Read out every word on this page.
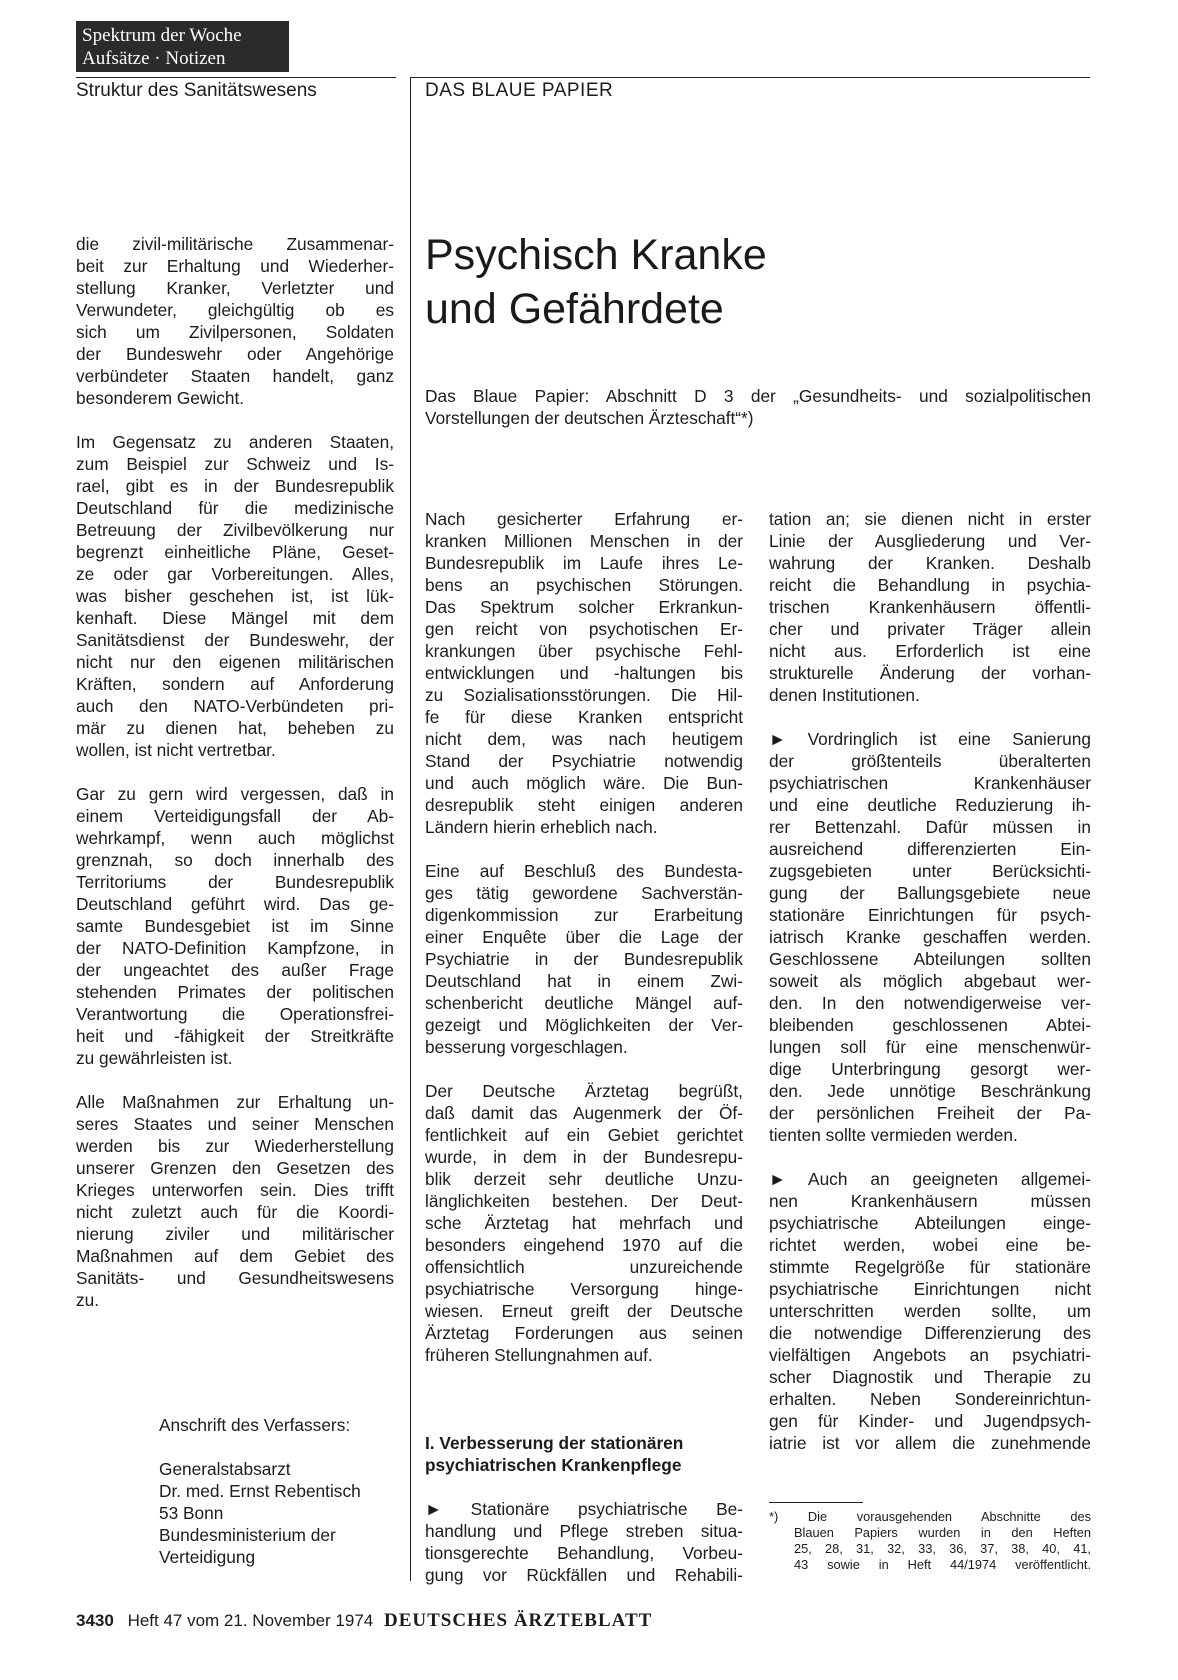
Spektrum der Woche
Aufsätze · Notizen
Struktur des Sanitätswesens	DAS BLAUE PAPIER
die zivil-militärische Zusammenar-
beit zur Erhaltung und Wiederher-
stellung Kranker, Verletzter und
Verwundeter, gleichgültig ob es
sich um Zivilpersonen, Soldaten
der Bundeswehr oder Angehörige
verbündeter Staaten handelt, ganz
besonderem Gewicht.
Im Gegensatz zu anderen Staaten,
zum Beispiel zur Schweiz und Is-
rael, gibt es in der Bundesrepublik
Deutschland für die medizinische
Betreuung der Zivilbevölkerung nur
begrenzt einheitliche Pläne, Geset-
ze oder gar Vorbereitungen. Alles,
was bisher geschehen ist, ist lük-
kenhaft. Diese Mängel mit dem
Sanitätsdienst der Bundeswehr, der
nicht nur den eigenen militärischen
Kräften, sondern auf Anforderung
auch den NATO-Verbündeten pri-
mär zu dienen hat, beheben zu
wollen, ist nicht vertretbar.
Gar zu gern wird vergessen, daß in
einem Verteidigungsfall der Ab-
wehrkampf, wenn auch möglichst
grenznah, so doch innerhalb des
Territoriums der Bundesrepublik
Deutschland geführt wird. Das ge-
samte Bundesgebiet ist im Sinne
der NATO-Definition Kampfzone, in
der ungeachtet des außer Frage
stehenden Primates der politischen
Verantwortung die Operationsfrei-
heit und -fähigkeit der Streitkräfte
zu gewährleisten ist.
Alle Maßnahmen zur Erhaltung un-
seres Staates und seiner Menschen
werden bis zur Wiederherstellung
unserer Grenzen den Gesetzen des
Krieges unterworfen sein. Dies trifft
nicht zuletzt auch für die Koordi-
nierung ziviler und militärischer
Maßnahmen auf dem Gebiet des
Sanitäts- und Gesundheitswesens
zu.
Anschrift des Verfassers:
Generalstabsarzt
Dr. med. Ernst Rebentisch
53 Bonn
Bundesministerium der
Verteidigung
Psychisch Kranke
und Gefährdete
Das Blaue Papier: Abschnitt D 3 der „Gesundheits- und sozialpolitischen
Vorstellungen der deutschen Ärzteschaft“*)
Nach gesicherter Erfahrung er-
kranken Millionen Menschen in der
Bundesrepublik im Laufe ihres Le-
bens an psychischen Störungen.
Das Spektrum solcher Erkrankun-
gen reicht von psychotischen Er-
krankungen über psychische Fehl-
entwicklungen und -haltungen bis
zu Sozialisationsstörungen. Die Hil-
fe für diese Kranken entspricht
nicht dem, was nach heutigem
Stand der Psychiatrie notwendig
und auch möglich wäre. Die Bun-
desrepublik steht einigen anderen
Ländern hierin erheblich nach.
Eine auf Beschluß des Bundesta-
ges tätig gewordene Sachverstän-
digenkommission zur Erarbeitung
einer Enquête über die Lage der
Psychiatrie in der Bundesrepublik
Deutschland hat in einem Zwi-
schenbericht deutliche Mängel auf-
gezeigt und Möglichkeiten der Ver-
besserung vorgeschlagen.
Der Deutsche Ärztetag begrüßt,
daß damit das Augenmerk der Öf-
fentlichkeit auf ein Gebiet gerichtet
wurde, in dem in der Bundesrepu-
blik derzeit sehr deutliche Unzu-
länglichkeiten bestehen. Der Deut-
sche Ärztetag hat mehrfach und
besonders eingehend 1970 auf die
offensichtlich unzureichende
psychiatrische Versorgung hinge-
wiesen. Erneut greift der Deutsche
Ärztetag Forderungen aus seinen
früheren Stellungnahmen auf.
I. Verbesserung der stationären
psychiatrischen Krankenpflege
► Stationäre psychiatrische Be-
handlung und Pflege streben situa-
tionsgerechte Behandlung, Vorbeu-
gung vor Rückfällen und Rehabili-
tation an; sie dienen nicht in erster
Linie der Ausgliederung und Ver-
wahrung der Kranken. Deshalb
reicht die Behandlung in psychia-
trischen Krankenhäusern öffentli-
cher und privater Träger allein
nicht aus. Erforderlich ist eine
strukturelle Änderung der vorhan-
denen Institutionen.
► Vordringlich ist eine Sanierung
der größtenteils überalterten
psychiatrischen Krankenhäuser
und eine deutliche Reduzierung ih-
rer Bettenzahl. Dafür müssen in
ausreichend differenzierten Ein-
zugsgebieten unter Berücksichti-
gung der Ballungsgebiete neue
stationäre Einrichtungen für psych-
iatrisch Kranke geschaffen werden.
Geschlossene Abteilungen sollten
soweit als möglich abgebaut wer-
den. In den notwendigerweise ver-
bleibenden geschlossenen Abtei-
lungen soll für eine menschenwür-
dige Unterbringung gesorgt wer-
den. Jede unnötige Beschränkung
der persönlichen Freiheit der Pa-
tienten sollte vermieden werden.
► Auch an geeigneten allgemei-
nen Krankenhäusern müssen
psychiatrische Abteilungen einge-
richtet werden, wobei eine be-
stimmte Regelgröße für stationäre
psychiatrische Einrichtungen nicht
unterschritten werden sollte, um
die notwendige Differenzierung des
vielfältigen Angebots an psychiatri-
scher Diagnostik und Therapie zu
erhalten. Neben Sondereinrichtun-
gen für Kinder- und Jugendpsych-
iatrie ist vor allem die zunehmende
*) Die vorausgehenden Abschnitte des
Blauen Papiers wurden in den Heften
25, 28, 31, 32, 33, 36, 37, 38, 40, 41,
43 sowie in Heft 44/1974 veröffentlicht.
3430 Heft 47 vom 21. November 1974 DEUTSCHES ÄRZTEBLATT
